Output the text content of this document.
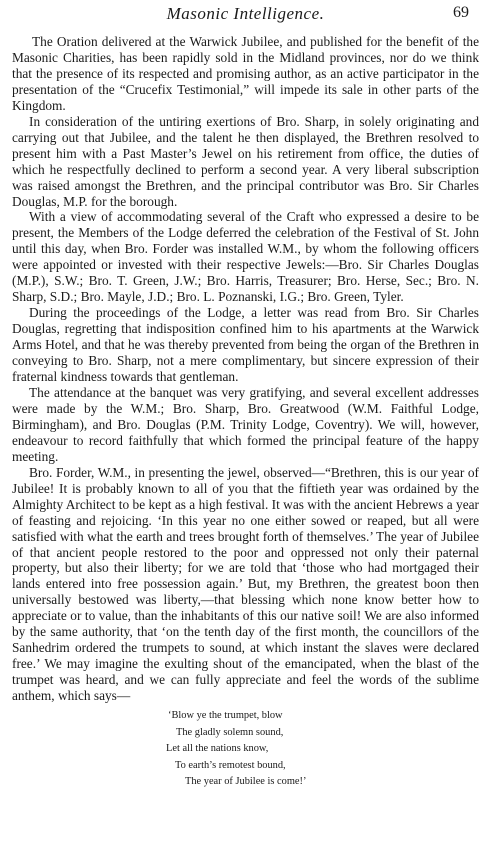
Masonic Intelligence.	69

The Oration delivered at the Warwick Jubilee, and published for the benefit of the Masonic Charities, has been rapidly sold in the Midland provinces, nor do we think that the presence of its respected and promising author, as an active participator in the presentation of the “Crucefix Testimonial,” will impede its sale in other parts of the Kingdom.

In consideration of the untiring exertions of Bro. Sharp, in solely originating and carrying out that Jubilee, and the talent he then displayed, the Brethren resolved to present him with a Past Master’s Jewel on his retirement from office, the duties of which he respectfully declined to perform a second year. A very liberal subscription was raised amongst the Brethren, and the principal contributor was Bro. Sir Charles Douglas, M.P. for the borough.

With a view of accommodating several of the Craft who expressed a desire to be present, the Members of the Lodge deferred the celebration of the Festival of St. John until this day, when Bro. Forder was installed W.M., by whom the following officers were appointed or invested with their respective Jewels:—Bro. Sir Charles Douglas (M.P.), S.W.; Bro. T. Green, J.W.; Bro. Harris, Treasurer; Bro. Herse, Sec.; Bro. N. Sharp, S.D.; Bro. Mayle, J.D.; Bro. L. Poznanski, I.G.; Bro. Green, Tyler.

During the proceedings of the Lodge, a letter was read from Bro. Sir Charles Douglas, regretting that indisposition confined him to his apartments at the Warwick Arms Hotel, and that he was thereby prevented from being the organ of the Brethren in conveying to Bro. Sharp, not a mere complimentary, but sincere expression of their fraternal kindness towards that gentleman.

The attendance at the banquet was very gratifying, and several excellent addresses were made by the W.M.; Bro. Sharp, Bro. Greatwood (W.M. Faithful Lodge, Birmingham), and Bro. Douglas (P.M. Trinity Lodge, Coventry). We will, however, endeavour to record faithfully that which formed the principal feature of the happy meeting.

Bro. Forder, W.M., in presenting the jewel, observed—“Brethren, this is our year of Jubilee! It is probably known to all of you that the fiftieth year was ordained by the Almighty Architect to be kept as a high festival. It was with the ancient Hebrews a year of feasting and rejoicing. ‘In this year no one either sowed or reaped, but all were satisfied with what the earth and trees brought forth of themselves.’ The year of Jubilee of that ancient people restored to the poor and oppressed not only their paternal property, but also their liberty; for we are told that ‘those who had mortgaged their lands entered into free possession again.’ But, my Brethren, the greatest boon then universally bestowed was liberty,—that blessing which none know better how to appreciate or to value, than the inhabitants of this our native soil! We are also informed by the same authority, that ‘on the tenth day of the first month, the councillors of the Sanhedrim ordered the trumpets to sound, at which instant the slaves were declared free.’ We may imagine the exulting shout of the emancipated, when the blast of the trumpet was heard, and we can fully appreciate and feel the words of the sublime anthem, which says—

‘Blow ye the trumpet, blow
The gladly solemn sound,
Let all the nations know,
To earth’s remotest bound,
The year of Jubilee is come!’
